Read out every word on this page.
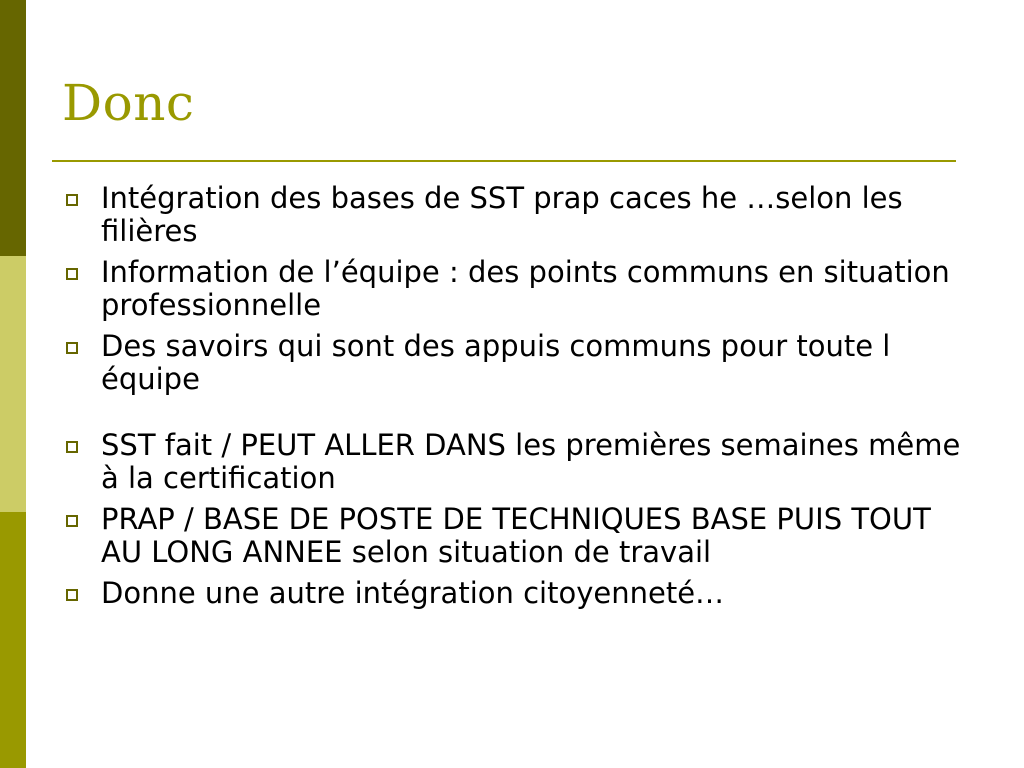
Donc
Intégration des bases de SST prap caces he …selon les filières
Information de l’équipe : des points communs en situation professionnelle
Des savoirs qui sont des appuis communs pour toute l équipe
SST fait / PEUT ALLER DANS les premières semaines même à la certification
PRAP / BASE DE POSTE DE TECHNIQUES BASE PUIS TOUT AU LONG ANNEE selon situation de travail
Donne une autre intégration citoyenneté…
